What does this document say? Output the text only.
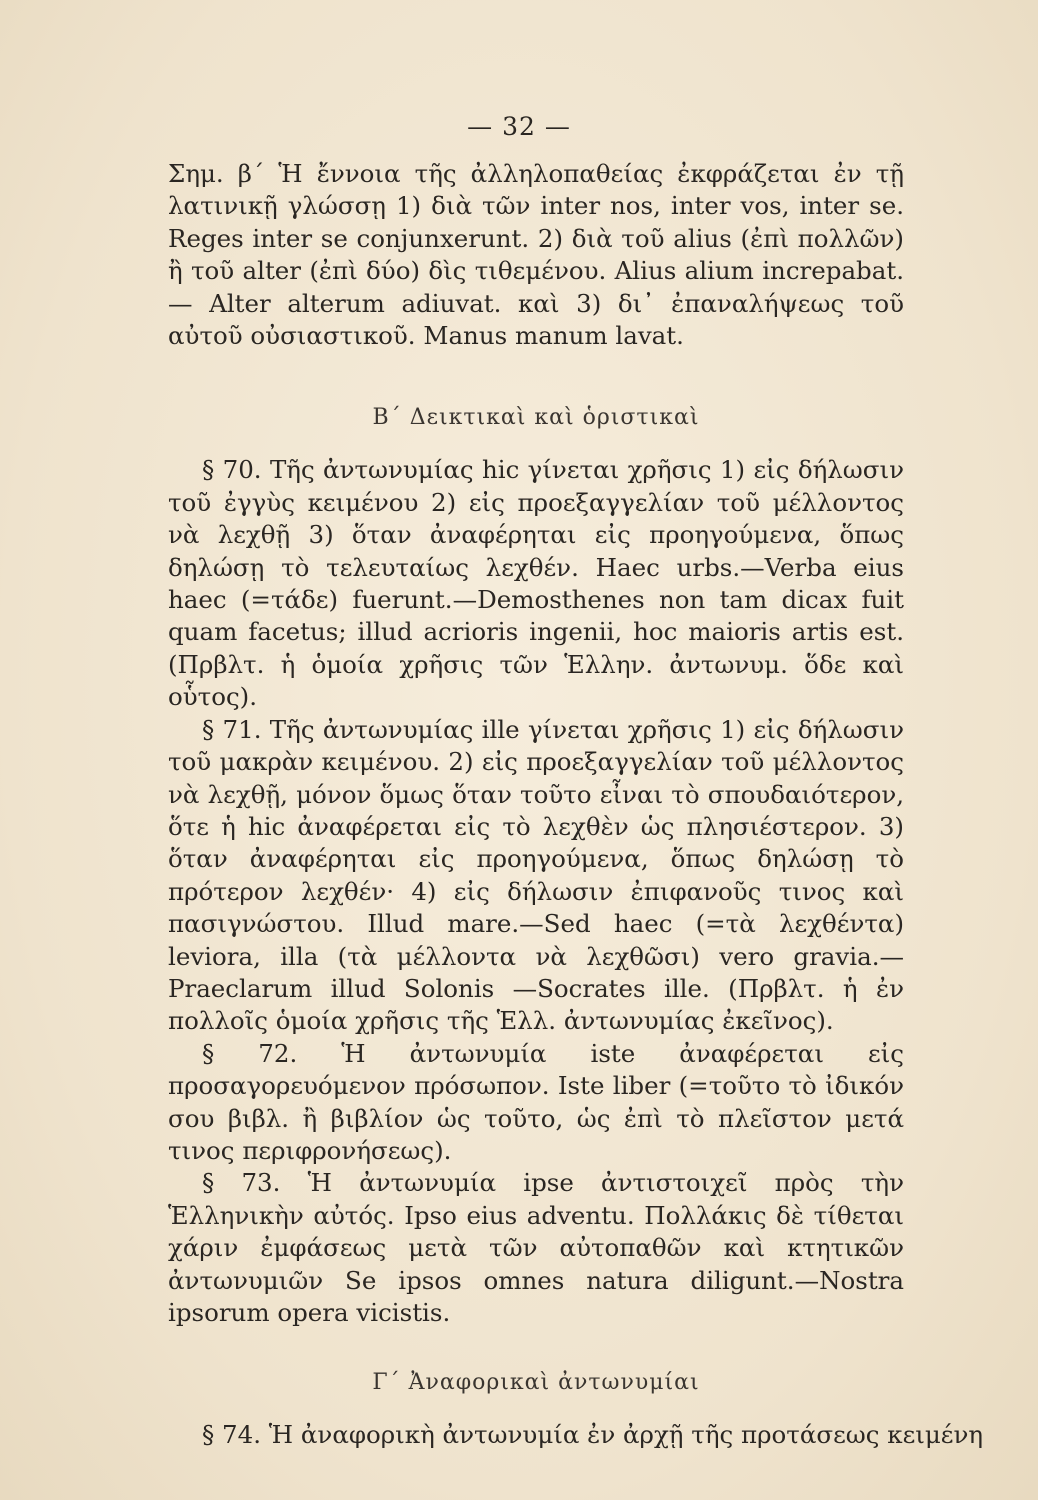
— 32 —

Σημ. β΄ Ἡ ἔννοια τῆς ἀλληλοπαθείας ἐκφράζεται ἐν τῇ λατινικῇ γλώσσῃ 1) διὰ τῶν inter nos, inter vos, inter se. Reges inter se conjunxerunt. 2) διὰ τοῦ alius (ἐπὶ πολλῶν) ἢ τοῦ alter (ἐπὶ δύο) δὶς τιθεμένου. Alius alium increpabat. — Alter alterum adiuvat. καὶ 3) δι᾽ ἐπαναλήψεως τοῦ αὐτοῦ οὐσιαστικοῦ. Manus manum lavat.

Β΄ Δεικτικαὶ καὶ ὁριστικαὶ

§ 70. Τῆς ἀντωνυμίας hic γίνεται χρῆσις 1) εἰς δήλωσιν τοῦ ἐγγὺς κειμένου 2) εἰς προεξαγγελίαν τοῦ μέλλοντος νὰ λεχθῇ 3) ὅταν ἀναφέρηται εἰς προηγούμενα, ὅπως δηλώσῃ τὸ τελευταίως λεχθέν. Haec urbs.—Verba eius haec (=τάδε) fuerunt.—Demosthenes non tam dicax fuit quam facetus; illud acrioris ingenii, hoc maioris artis est. (Πρβλτ. ἡ ὁμοία χρῆσις τῶν Ἑλλην. ἀντωνυμ. ὅδε καὶ οὗτος).

§ 71. Τῆς ἀντωνυμίας ille γίνεται χρῆσις 1) εἰς δήλωσιν τοῦ μακρὰν κειμένου. 2) εἰς προεξαγγελίαν τοῦ μέλλοντος νὰ λεχθῇ, μόνον ὅμως ὅταν τοῦτο εἶναι τὸ σπουδαιότερον, ὅτε ἡ hic ἀναφέρεται εἰς τὸ λεχθὲν ὡς πλησιέστερον. 3) ὅταν ἀναφέρηται εἰς προηγούμενα, ὅπως δηλώσῃ τὸ πρότερον λεχθέν· 4) εἰς δήλωσιν ἐπιφανοῦς τινος καὶ πασιγνώστου. Illud mare.—Sed haec (=τὰ λεχθέντα) leviora, illa (τὰ μέλλοντα νὰ λεχθῶσι) vero gravia.—Praeclarum illud Solonis —Socrates ille. (Πρβλτ. ἡ ἐν πολλοῖς ὁμοία χρῆσις τῆς Ἑλλ. ἀντωνυμίας ἐκεῖνος).

§ 72. Ἡ ἀντωνυμία iste ἀναφέρεται εἰς προσαγορευόμενον πρόσωπον. Iste liber (=τοῦτο τὸ ἰδικόν σου βιβλ. ἢ βιβλίον ὡς τοῦτο, ὡς ἐπὶ τὸ πλεῖστον μετά τινος περιφρονήσεως).

§ 73. Ἡ ἀντωνυμία ipse ἀντιστοιχεῖ πρὸς τὴν Ἑλληνικὴν αὐτός. Ipso eius adventu. Πολλάκις δὲ τίθεται χάριν ἐμφάσεως μετὰ τῶν αὐτοπαθῶν καὶ κτητικῶν ἀντωνυμιῶν Se ipsos omnes natura diligunt.—Nostra ipsorum opera vicistis.

Γ΄ Ἀναφορικαὶ ἀντωνυμίαι
§ 74. Ἡ ἀναφορικὴ ἀντωνυμία ἐν ἀρχῇ τῆς προτάσεως κειμένη
